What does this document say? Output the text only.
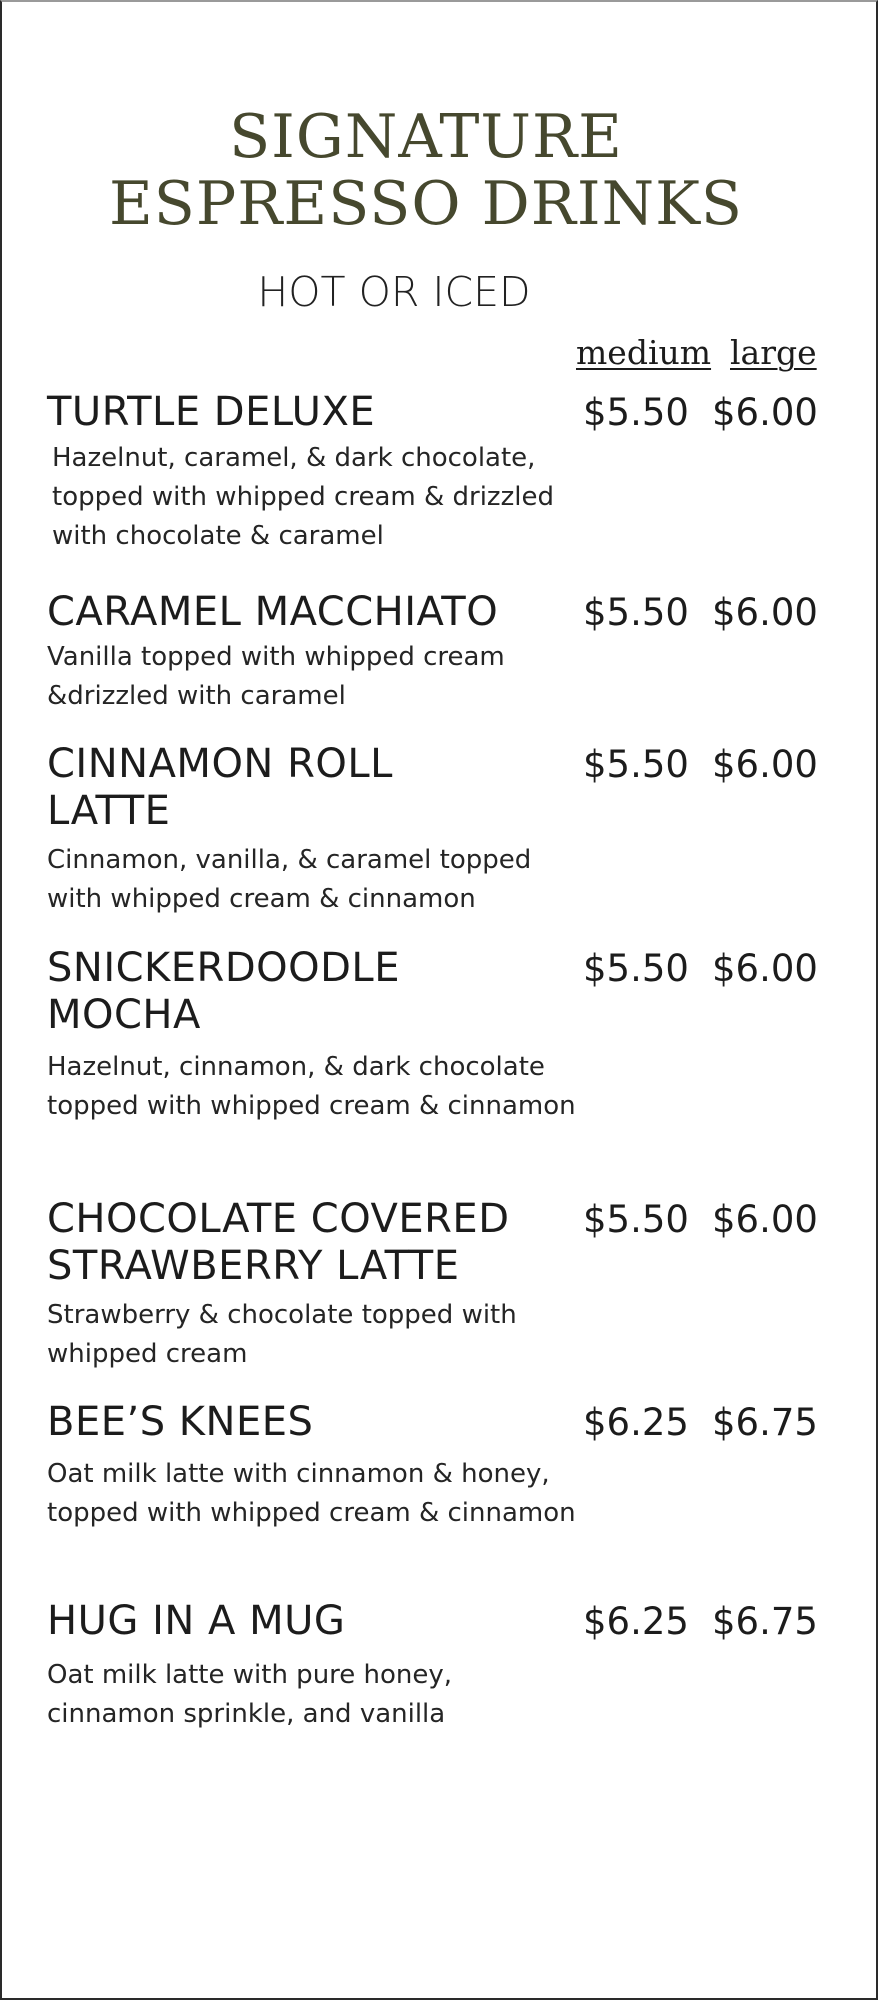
SIGNATURE
ESPRESSO DRINKS
HOT OR ICED
medium large
TURTLE DELUXE	$5.50 $6.00
Hazelnut, caramel, & dark chocolate, topped with whipped cream & drizzled with chocolate & caramel
CARAMEL MACCHIATO	$5.50 $6.00
Vanilla topped with whipped cream &drizzled with caramel
CINNAMON ROLL LATTE
$5.50 $6.00
Cinnamon, vanilla, & caramel topped with whipped cream & cinnamon
SNICKERDOODLE MOCHA
$5.50 $6.00
Hazelnut, cinnamon, & dark chocolate topped with whipped cream & cinnamon
CHOCOLATE COVERED STRAWBERRY LATTE
$5.50 $6.00
Strawberry & chocolate topped with whipped cream
BEE’S KNEES	$6.25 $6.75
Oat milk latte with cinnamon & honey, topped with whipped cream & cinnamon
HUG IN A MUG	$6.25 $6.75
Oat milk latte with pure honey, cinnamon sprinkle, and vanilla
